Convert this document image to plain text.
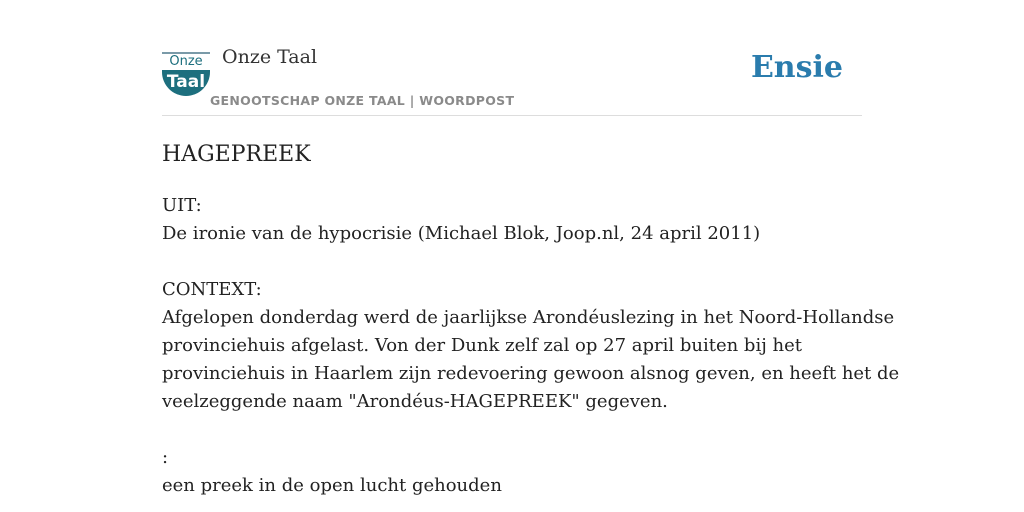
Onze
Taal
Onze Taal
GENOOTSCHAP ONZE TAAL | WOORDPOST
Ensie
HAGEPREEK

UIT:

De ironie van de hypocrisie (Michael Blok, Joop.nl, 24 april 2011)

CONTEXT:

Afgelopen donderdag werd de jaarlijkse Arondéuslezing in het Noord-Hollandse

provinciehuis afgelast. Von der Dunk zelf zal op 27 april buiten bij het

provinciehuis in Haarlem zijn redevoering gewoon alsnog geven, en heeft het de

veelzeggende naam "Arondéus-HAGEPREEK" gegeven.

:

een preek in de open lucht gehouden
